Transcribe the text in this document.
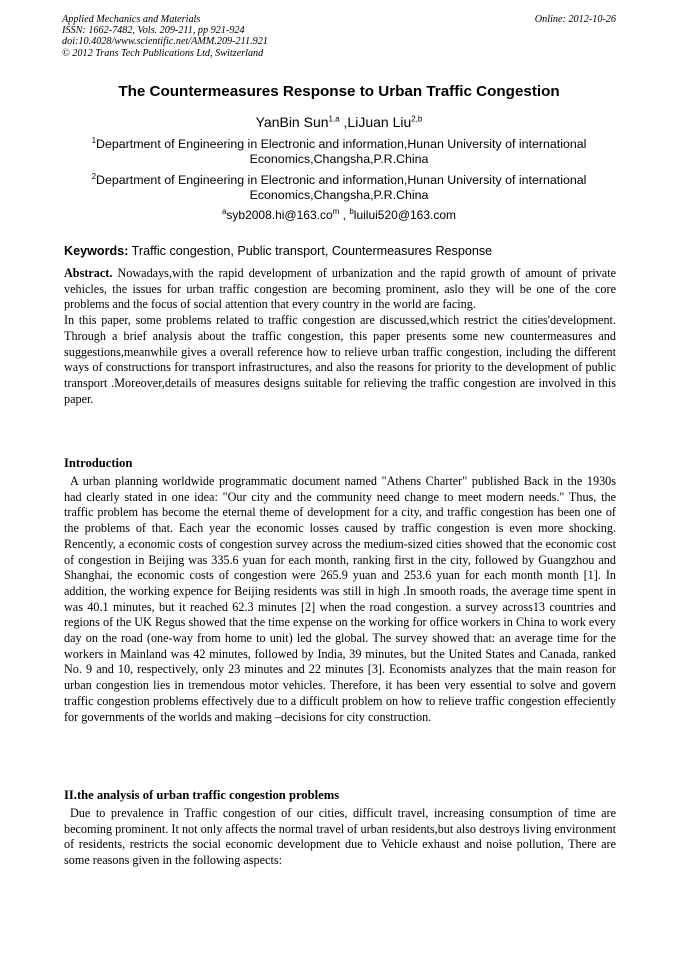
Applied Mechanics and Materials
ISSN: 1662-7482, Vols. 209-211, pp 921-924
doi:10.4028/www.scientific.net/AMM.209-211.921
© 2012 Trans Tech Publications Ltd, Switzerland
Online: 2012-10-26
The Countermeasures Response to Urban Traffic Congestion
YanBin Sun$^{1,a}$ ,LiJuan Liu$^{2,b}$
$^1$Department of Engineering in Electronic and information,Hunan University of international
Economics,Changsha,P.R.China
$^2$Department of Engineering in Electronic and information,Hunan University of international
Economics,Changsha,P.R.China
$^asyb2008.hi@163.co^m$ , $^b$luilui520@163.com
Keywords: Traffic congestion, Public transport, Countermeasures Response

Abstract. Nowadays,with the rapid development of urbanization and the rapid growth of amount of private vehicles, the issues for urban traffic congestion are becoming prominent, aslo they will be one of the core problems and the focus of social attention that every country in the world are facing.

In this paper, some problems related to traffic congestion are discussed,which restrict the cities'development. Through a brief analysis about the traffic congestion, this paper presents some new countermeasures and suggestions,meanwhile gives a overall reference how to relieve urban traffic congestion, including the different ways of constructions for transport infrastructures, and also the reasons for priority to the development of public transport .Moreover,details of measures designs suitable for relieving the traffic congestion are involved in this paper.

Introduction

A urban planning worldwide programmatic document named "Athens Charter" published Back in the 1930s had clearly stated in one idea: "Our city and the community need change to meet modern needs." Thus, the traffic problem has become the eternal theme of development for a city, and traffic congestion has been one of the problems of that. Each year the economic losses caused by traffic congestion is even more shocking. Rencently, a economic costs of congestion survey across the medium-sized cities showed that the economic cost of congestion in Beijing was 335.6 yuan for each month, ranking first in the city, followed by Guangzhou and Shanghai, the economic costs of congestion were 265.9 yuan and 253.6 yuan for each month month [1]. In addition, the working expence for Beijing residents was still in high .In smooth roads, the average time spent in was 40.1 minutes, but it reached 62.3 minutes [2] when the road congestion. a survey across13 countries and regions of the UK Regus showed that the time expense on the working for office workers in China to work every day on the road (one-way from home to unit) led the global. The survey showed that: an average time for the workers in Mainland was 42 minutes, followed by India, 39 minutes, but the United States and Canada, ranked No. 9 and 10, respectively, only 23 minutes and 22 minutes [3]. Economists analyzes that the main reason for urban congestion lies in tremendous motor vehicles. Therefore, it has been very essential to solve and govern traffic congestion problems effectively due to a difficult problem on how to relieve traffic congestion effeciently for governments of the worlds and making –decisions for city construction.

II.the analysis of urban traffic congestion problems

Due to prevalence in Traffic congestion of our cities, difficult travel, increasing consumption of time are becoming prominent. It not only affects the normal travel of urban residents,but also destroys living environment of residents, restricts the social economic development due to Vehicle exhaust and noise pollution, There are some reasons given in the following aspects:
